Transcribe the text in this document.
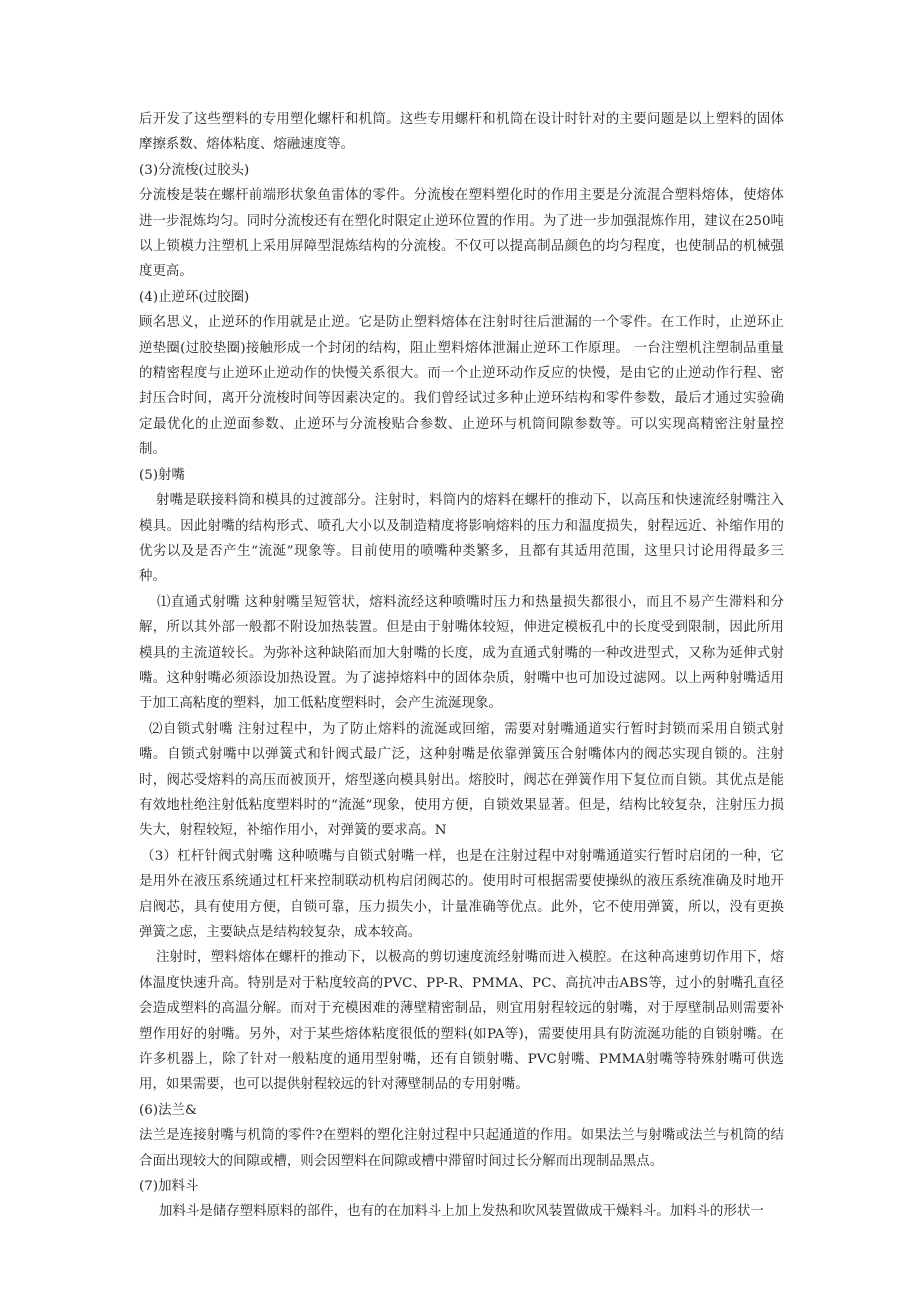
后开发了这些塑料的专用塑化螺杆和机筒。这些专用螺杆和机筒在设计时针对的主要问题是以上塑料的固体摩擦系数、熔体粘度、熔融速度等。

(3)分流梭(过胶头)

分流梭是装在螺杆前端形状象鱼雷体的零件。分流梭在塑料塑化时的作用主要是分流混合塑料熔体，使熔体进一步混炼均匀。同时分流梭还有在塑化时限定止逆环位置的作用。为了进一步加强混炼作用，建议在250吨以上锁模力注塑机上采用屏障型混炼结构的分流梭。不仅可以提高制品颜色的均匀程度，也使制品的机械强度更高。

(4)止逆环(过胶圈)

顾名思义，止逆环的作用就是止逆。它是防止塑料熔体在注射时往后泄漏的一个零件。在工作时，止逆环止逆垫圈(过胶垫圈)接触形成一个封闭的结构，阻止塑料熔体泄漏止逆环工作原理。 一台注塑机注塑制品重量的精密程度与止逆环止逆动作的快慢关系很大。而一个止逆环动作反应的快慢，是由它的止逆动作行程、密封压合时间，离开分流梭时间等因素决定的。我们曾经试过多种止逆环结构和零件参数，最后才通过实验确定最优化的止逆面参数、止逆环与分流梭贴合参数、止逆环与机筒间隙参数等。可以实现高精密注射量控制。

(5)射嘴

射嘴是联接料筒和模具的过渡部分。注射时，料筒内的熔料在螺杆的推动下，以高压和快速流经射嘴注入模具。因此射嘴的结构形式、喷孔大小以及制造精度将影响熔料的压力和温度损失，射程远近、补缩作用的优劣以及是否产生“流涎”现象等。目前使用的喷嘴种类繁多，且都有其适用范围，这里只讨论用得最多三种。

⑴直通式射嘴 这种射嘴呈短管状，熔料流经这种喷嘴时压力和热量损失都很小，而且不易产生滞料和分解，所以其外部一般都不附设加热装置。但是由于射嘴体较短，伸进定模板孔中的长度受到限制，因此所用模具的主流道较长。为弥补这种缺陷而加大射嘴的长度，成为直通式射嘴的一种改进型式，又称为延伸式射嘴。这种射嘴必须添设加热设置。为了滤掉熔料中的固体杂质，射嘴中也可加设过滤网。以上两种射嘴适用于加工高粘度的塑料，加工低粘度塑料时，会产生流涎现象。

⑵自锁式射嘴 注射过程中，为了防止熔料的流涎或回缩，需要对射嘴通道实行暂时封锁而采用自锁式射嘴。自锁式射嘴中以弹簧式和针阀式最广泛，这种射嘴是依靠弹簧压合射嘴体内的阀芯实现自锁的。注射时，阀芯受熔料的高压而被顶开，熔型遂向模具射出。熔胶时，阀芯在弹簧作用下复位而自锁。其优点是能有效地杜绝注射低粘度塑料时的“流涎”现象，使用方便，自锁效果显著。但是，结构比较复杂，注射压力损失大，射程较短，补缩作用小，对弹簧的要求高。N

（3）杠杆针阀式射嘴 这种喷嘴与自锁式射嘴一样，也是在注射过程中对射嘴通道实行暂时启闭的一种，它是用外在液压系统通过杠杆来控制联动机构启闭阀芯的。使用时可根据需要使操纵的液压系统准确及时地开启阀芯，具有使用方便，自锁可靠，压力损失小，计量准确等优点。此外，它不使用弹簧，所以，没有更换弹簧之虑，主要缺点是结构较复杂，成本较高。

注射时，塑料熔体在螺杆的推动下，以极高的剪切速度流经射嘴而进入模腔。在这种高速剪切作用下，熔体温度快速升高。特别是对于粘度较高的PVC、PP-R、PMMA、PC、高抗冲击ABS等，过小的射嘴孔直径会造成塑料的高温分解。而对于充模困难的薄壁精密制品，则宜用射程较远的射嘴，对于厚壁制品则需要补塑作用好的射嘴。另外，对于某些熔体粘度很低的塑料(如PA等)，需要使用具有防流涎功能的自锁射嘴。在许多机器上，除了针对一般粘度的通用型射嘴，还有自锁射嘴、PVC射嘴、PMMA射嘴等特殊射嘴可供选用，如果需要，也可以提供射程较远的针对薄壁制品的专用射嘴。

(6)法兰&

法兰是连接射嘴与机筒的零件?在塑料的塑化注射过程中只起通道的作用。如果法兰与射嘴或法兰与机筒的结合面出现较大的间隙或槽，则会因塑料在间隙或槽中滞留时间过长分解而出现制品黑点。

(7)加料斗

加料斗是储存塑料原料的部件，也有的在加料斗上加上发热和吹风装置做成干燥料斗。加料斗的形状一
